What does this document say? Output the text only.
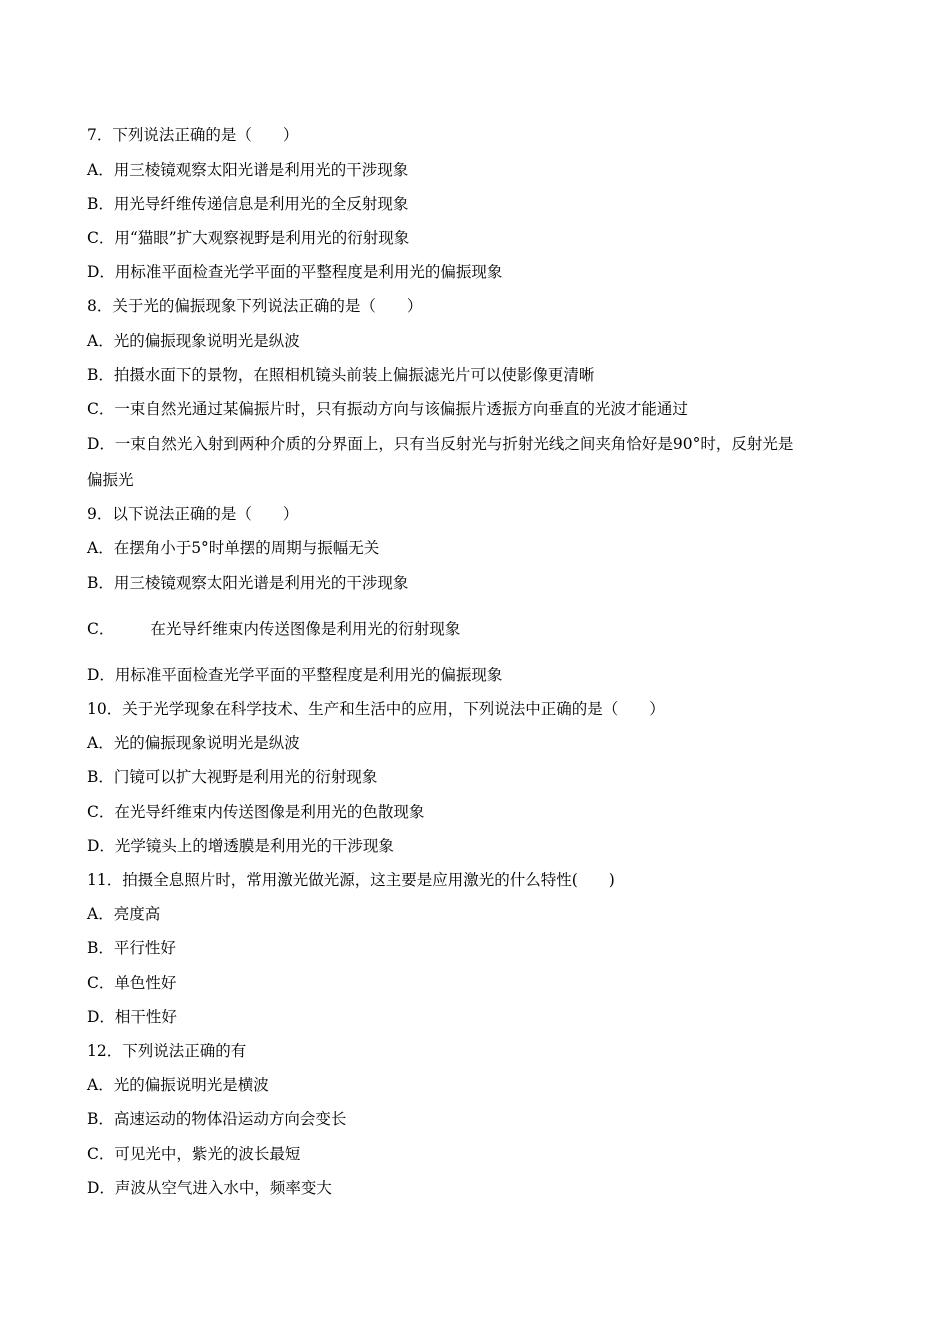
7．下列说法正确的是（　　）
A．用三棱镜观察太阳光谱是利用光的干涉现象
B．用光导纤维传递信息是利用光的全反射现象
C．用“猫眼”扩大观察视野是利用光的衍射现象
D．用标准平面检查光学平面的平整程度是利用光的偏振现象
8．关于光的偏振现象下列说法正确的是（　　）
A．光的偏振现象说明光是纵波
B．拍摄水面下的景物，在照相机镜头前装上偏振滤光片可以使影像更清晰
C．一束自然光通过某偏振片时，只有振动方向与该偏振片透振方向垂直的光波才能通过
D．一束自然光入射到两种介质的分界面上，只有当反射光与折射光线之间夹角恰好是90°时，反射光是
偏振光
9．以下说法正确的是（　　）
A．在摆角小于5°时单摆的周期与振幅无关
B．用三棱镜观察太阳光谱是利用光的干涉现象
C． 在光导纤维束内传送图像是利用光的衍射现象
D．用标准平面检查光学平面的平整程度是利用光的偏振现象
10．关于光学现象在科学技术、生产和生活中的应用，下列说法中正确的是（　　）
A．光的偏振现象说明光是纵波
B．门镜可以扩大视野是利用光的衍射现象
C．在光导纤维束内传送图像是利用光的色散现象
D．光学镜头上的增透膜是利用光的干涉现象
11．拍摄全息照片时，常用激光做光源，这主要是应用激光的什么特性(　　)
A．亮度高
B．平行性好
C．单色性好
D．相干性好
12．下列说法正确的有
A．光的偏振说明光是横波
B．高速运动的物体沿运动方向会变长
C．可见光中，紫光的波长最短
D．声波从空气进入水中，频率变大
